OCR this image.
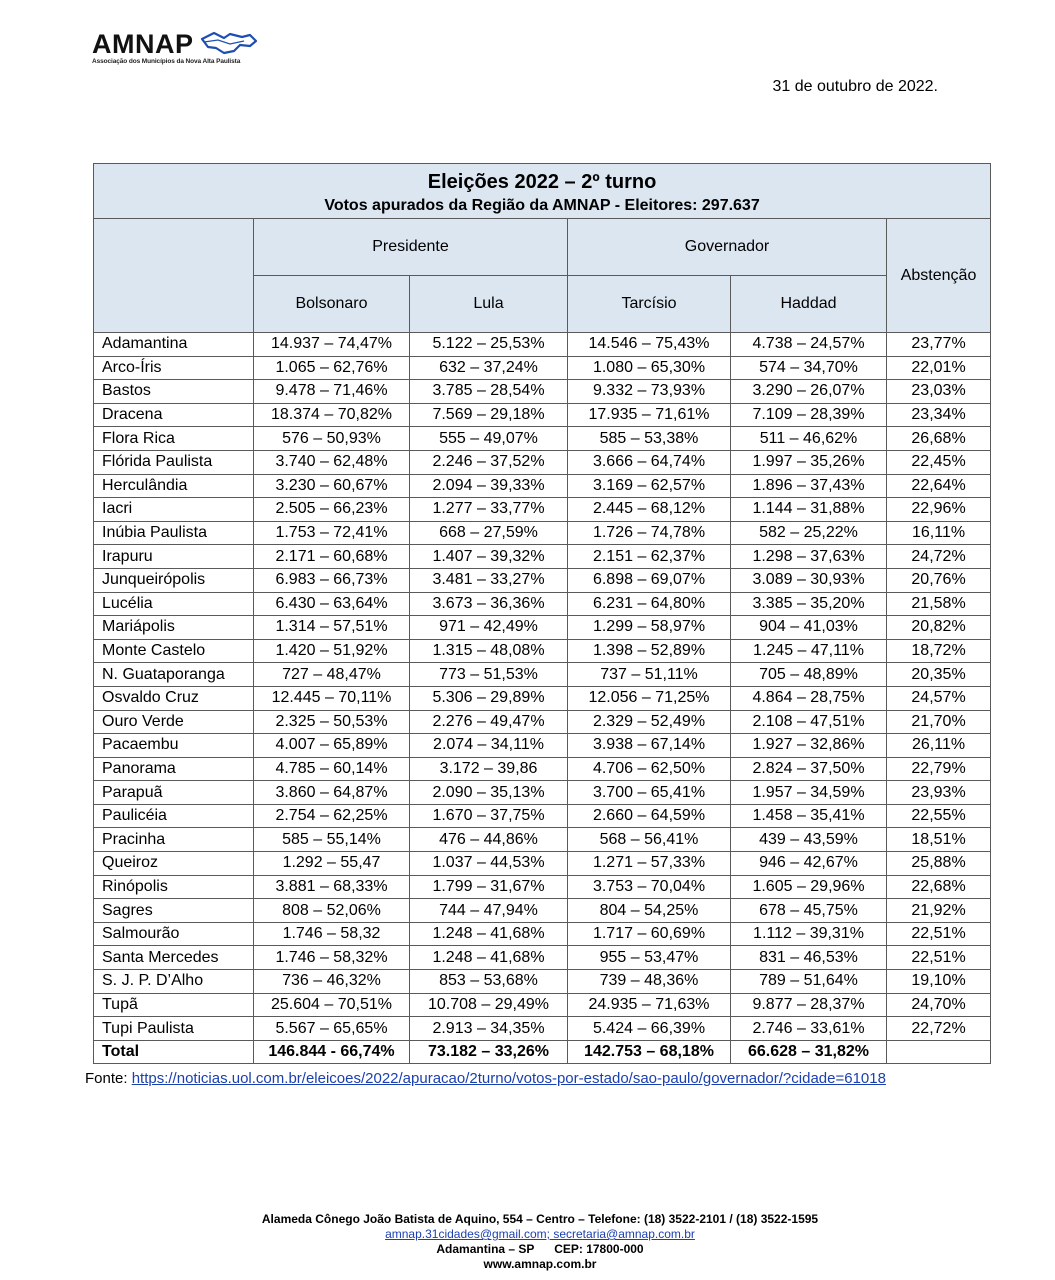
AMNAP
Associação dos Municípios da Nova Alta Paulista
31 de outubro de 2022.
Eleições 2022 – 2º turno
Votos apurados da Região da AMNAP - Eleitores: 297.637					

	Presidente		Governador		Abstenção
	Bolsonaro	Lula	Tarcísio	Haddad	
Adamantina	14.937 – 74,47%	5.122 – 25,53%	14.546 – 75,43%	4.738 – 24,57%	23,77%
Arco-Íris	1.065 – 62,76%	632 – 37,24%	1.080 – 65,30%	574 – 34,70%	22,01%
Bastos	9.478 – 71,46%	3.785 – 28,54%	9.332 – 73,93%	3.290 – 26,07%	23,03%
Dracena	18.374 – 70,82%	7.569 – 29,18%	17.935 – 71,61%	7.109 – 28,39%	23,34%
Flora Rica	576 – 50,93%	555 – 49,07%	585 – 53,38%	511 – 46,62%	26,68%
Flórida Paulista	3.740 – 62,48%	2.246 – 37,52%	3.666 – 64,74%	1.997 – 35,26%	22,45%
Herculândia	3.230 – 60,67%	2.094 – 39,33%	3.169 – 62,57%	1.896 – 37,43%	22,64%
Iacri	2.505 – 66,23%	1.277 – 33,77%	2.445 – 68,12%	1.144 – 31,88%	22,96%
Inúbia Paulista	1.753 – 72,41%	668 – 27,59%	1.726 – 74,78%	582 – 25,22%	16,11%
Irapuru	2.171 – 60,68%	1.407 – 39,32%	2.151 – 62,37%	1.298 – 37,63%	24,72%
Junqueirópolis	6.983 – 66,73%	3.481 – 33,27%	6.898 – 69,07%	3.089 – 30,93%	20,76%
Lucélia	6.430 – 63,64%	3.673 – 36,36%	6.231 – 64,80%	3.385 – 35,20%	21,58%
Mariápolis	1.314 – 57,51%	971 – 42,49%	1.299 – 58,97%	904 – 41,03%	20,82%
Monte Castelo	1.420 – 51,92%	1.315 – 48,08%	1.398 – 52,89%	1.245 – 47,11%	18,72%
N. Guataporanga	727 – 48,47%	773 – 51,53%	737 – 51,11%	705 – 48,89%	20,35%
Osvaldo Cruz	12.445 – 70,11%	5.306 – 29,89%	12.056 – 71,25%	4.864 – 28,75%	24,57%
Ouro Verde	2.325 – 50,53%	2.276 – 49,47%	2.329 – 52,49%	2.108 – 47,51%	21,70%
Pacaembu	4.007 – 65,89%	2.074 – 34,11%	3.938 – 67,14%	1.927 – 32,86%	26,11%
Panorama	4.785 – 60,14%	3.172 – 39,86	4.706 – 62,50%	2.824 – 37,50%	22,79%
Parapuã	3.860 – 64,87%	2.090 – 35,13%	3.700 – 65,41%	1.957 – 34,59%	23,93%
Paulicéia	2.754 – 62,25%	1.670 – 37,75%	2.660 – 64,59%	1.458 – 35,41%	22,55%
Pracinha	585 – 55,14%	476 – 44,86%	568 – 56,41%	439 – 43,59%	18,51%
Queiroz	1.292 – 55,47	1.037 – 44,53%	1.271 – 57,33%	946 – 42,67%	25,88%
Rinópolis	3.881 – 68,33%	1.799 – 31,67%	3.753 – 70,04%	1.605 – 29,96%	22,68%
Sagres	808 – 52,06%	744 – 47,94%	804 – 54,25%	678 – 45,75%	21,92%
Salmourão	1.746 – 58,32	1.248 – 41,68%	1.717 – 60,69%	1.112 – 39,31%	22,51%
Santa Mercedes	1.746 – 58,32%	1.248 – 41,68%	955 – 53,47%	831 – 46,53%	22,51%
S. J. P. D’Alho	736 – 46,32%	853 – 53,68%	739 – 48,36%	789 – 51,64%	19,10%
Tupã	25.604 – 70,51%	10.708 – 29,49%	24.935 – 71,63%	9.877 – 28,37%	24,70%
Tupi Paulista	5.567 – 65,65%	2.913 – 34,35%	5.424 – 66,39%	2.746 – 33,61%	22,72%
Total	146.844 - 66,74%	73.182 – 33,26%	142.753 – 68,18%	66.628 – 31,82%	
Fonte: https://noticias.uol.com.br/eleicoes/2022/apuracao/2turno/votos-por-estado/sao-paulo/governador/?cidade=61018
Alameda Cônego João Batista de Aquino, 554 – Centro – Telefone: (18) 3522-2101 / (18) 3522-1595
amnap.31cidades@gmail.com; secretaria@amnap.com.br
Adamantina – SP      CEP: 17800-000
www.amnap.com.br
